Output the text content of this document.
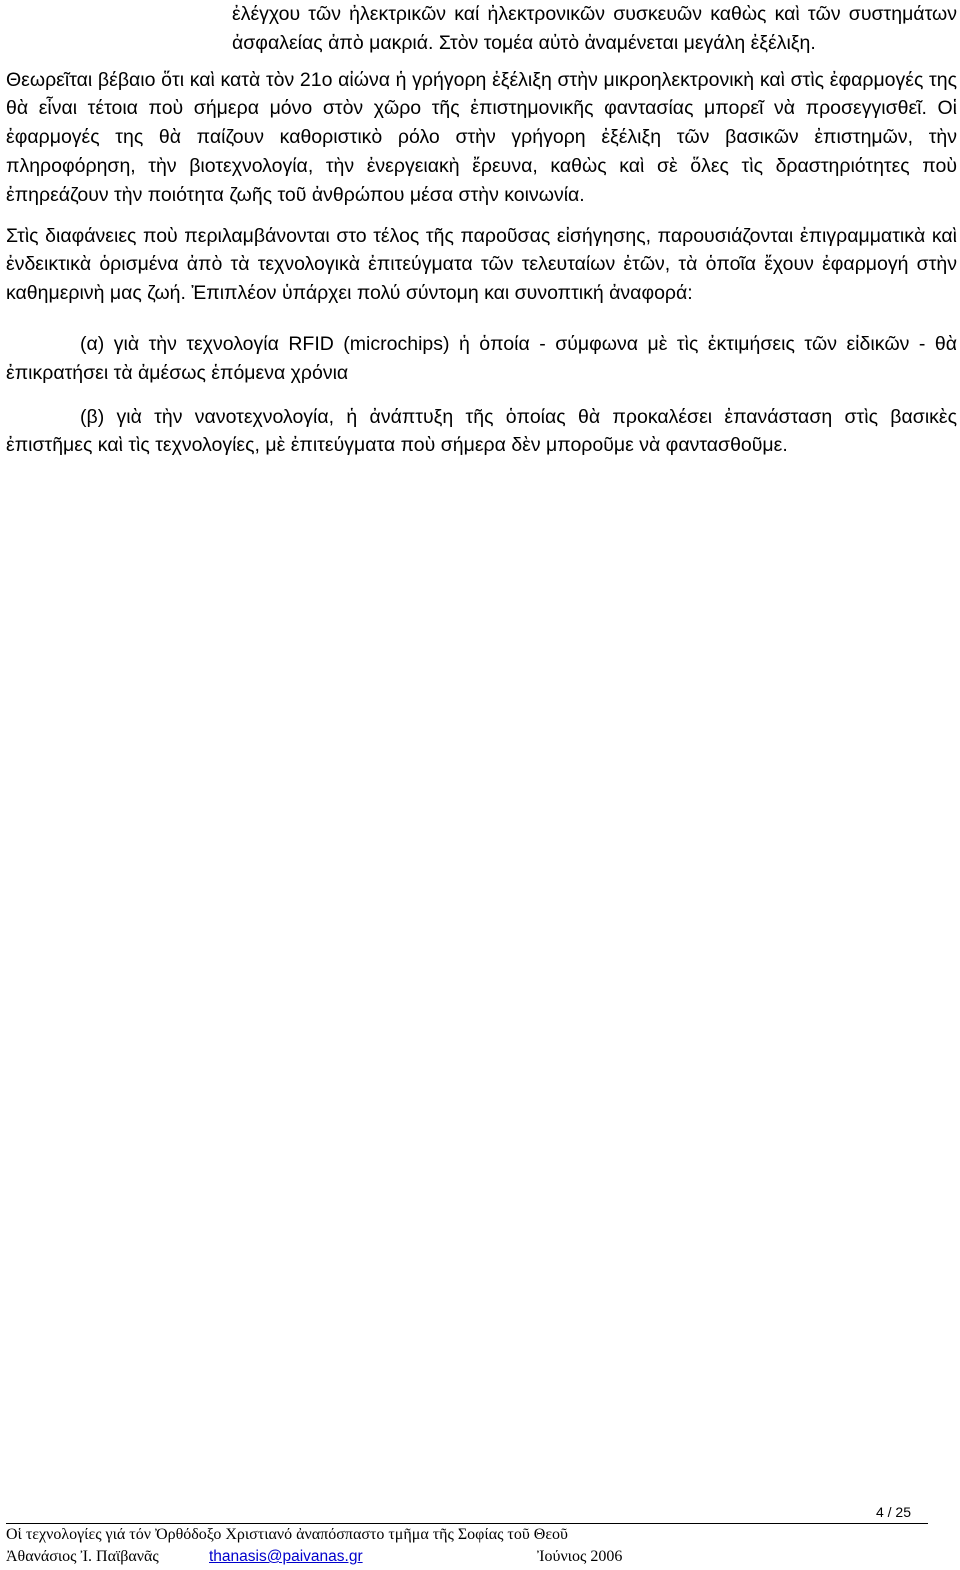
ἐλέγχου τῶν ἠλεκτρικῶν καί ἠλεκτρονικῶν συσκευῶν καθὼς καὶ τῶν συστημάτων ἀσφαλείας ἀπὸ μακριά. Στὸν τομέα αὐτὸ ἀναμένεται μεγάλη ἐξέλιξη.

Θεωρεῖται βέβαιο ὅτι καὶ κατὰ τὸν 21ο αἰώνα ἡ γρήγορη ἐξέλιξη στὴν μικροηλεκτρονικὴ καὶ στὶς ἐφαρμογές της θὰ εἶναι τέτοια ποὺ σήμερα μόνο στὸν χῶρο τῆς ἐπιστημονικῆς φαντασίας μπορεῖ νὰ προσεγγισθεῖ. Οἱ ἐφαρμογές της θὰ παίζουν καθοριστικὸ ρόλο στὴν γρήγορη ἐξέλιξη τῶν βασικῶν ἐπιστημῶν, τὴν πληροφόρηση, τὴν βιοτεχνολογία, τὴν ἐνεργειακὴ ἔρευνα, καθὼς καὶ σὲ ὅλες τὶς δραστηριότητες ποὺ ἐπηρεάζουν τὴν ποιότητα ζωῆς τοῦ ἀνθρώπου μέσα στὴν κοινωνία.

Στὶς διαφάνειες ποὺ περιλαμβάνονται στο τέλος τῆς παροῦσας εἰσήγησης, παρουσιάζονται ἐπιγραμματικὰ καὶ ἐνδεικτικὰ ὁρισμένα ἀπὸ τὰ τεχνολογικὰ ἐπιτεύγματα τῶν τελευταίων ἐτῶν, τὰ ὁποῖα ἔχουν ἐφαρμογή στὴν καθημερινὴ μας ζωή. Ἐπιπλέον ὑπάρχει πολύ σύντομη και συνοπτική ἀναφορά:

(α) γιὰ τὴν τεχνολογία RFID (microchips) ἡ ὁποία - σύμφωνα μὲ τὶς ἐκτιμήσεις τῶν εἰδικῶν - θὰ ἐπικρατήσει τὰ ἀμέσως ἑπόμενα χρόνια

(β) γιὰ τὴν νανοτεχνολογία, ἡ ἀνάπτυξη τῆς ὁποίας θὰ προκαλέσει ἐπανάσταση στὶς βασικὲς ἐπιστῆμες καὶ τὶς τεχνολογίες, μὲ ἐπιτεύγματα ποὺ σήμερα δὲν μποροῦμε νὰ φαντασθοῦμε.

4 / 25
Οἱ τεχνολογίες γιά τόν Ὀρθόδοξο Χριστιανό ἀναπόσπαστο τμῆμα τῆς Σοφίας τοῦ Θεοῦ
Ἀθανάσιος Ἰ. Παϊβανᾶς	thanasis@paivanas.gr	Ἰούνιος 2006
